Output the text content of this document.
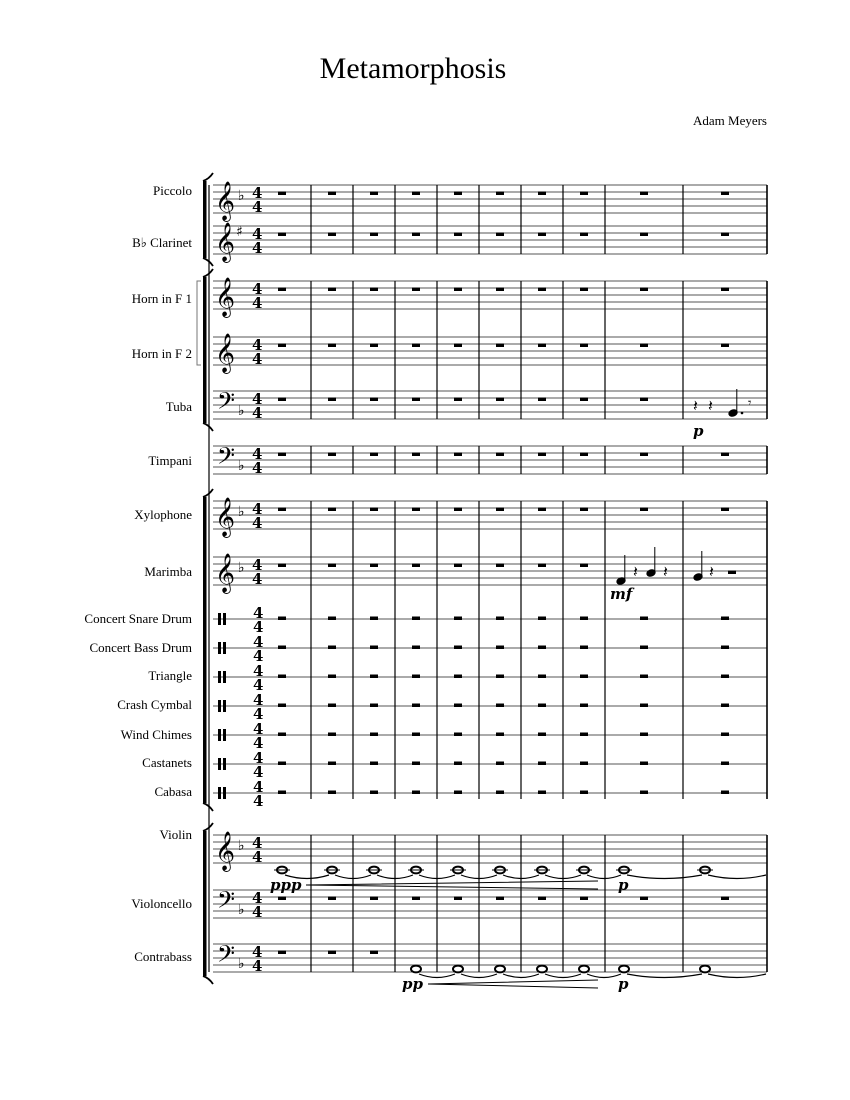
Metamorphosis
Adam Meyers
Piccolo
B♭ Clarinet
Horn in F 1
Horn in F 2
Tuba
Timpani
Xylophone
Marimba
Concert Snare Drum
Concert Bass Drum
Triangle
Crash Cymbal
Wind Chimes
Castanets
Cabasa
Violin
Violoncello
Contrabass
𝄞 ♭ 4
4
𝄞 ♯ 4
4
𝄞 4
4
𝄞 4
4
𝄢 ♭
4
4
𝄢 ♭
4
4
𝄞 ♭ 4
4
𝄞 ♭ 4
4
4
4
4
4
4
4
4
4
4
4
4
4
4
4
𝄞 ♭ 4
4
𝄢 ♭
4
4
𝄢 ♭
4
4
𝄽 𝄽	𝄾
p
𝄽 𝄽	𝄽
mf
ppp	p
pp	p
